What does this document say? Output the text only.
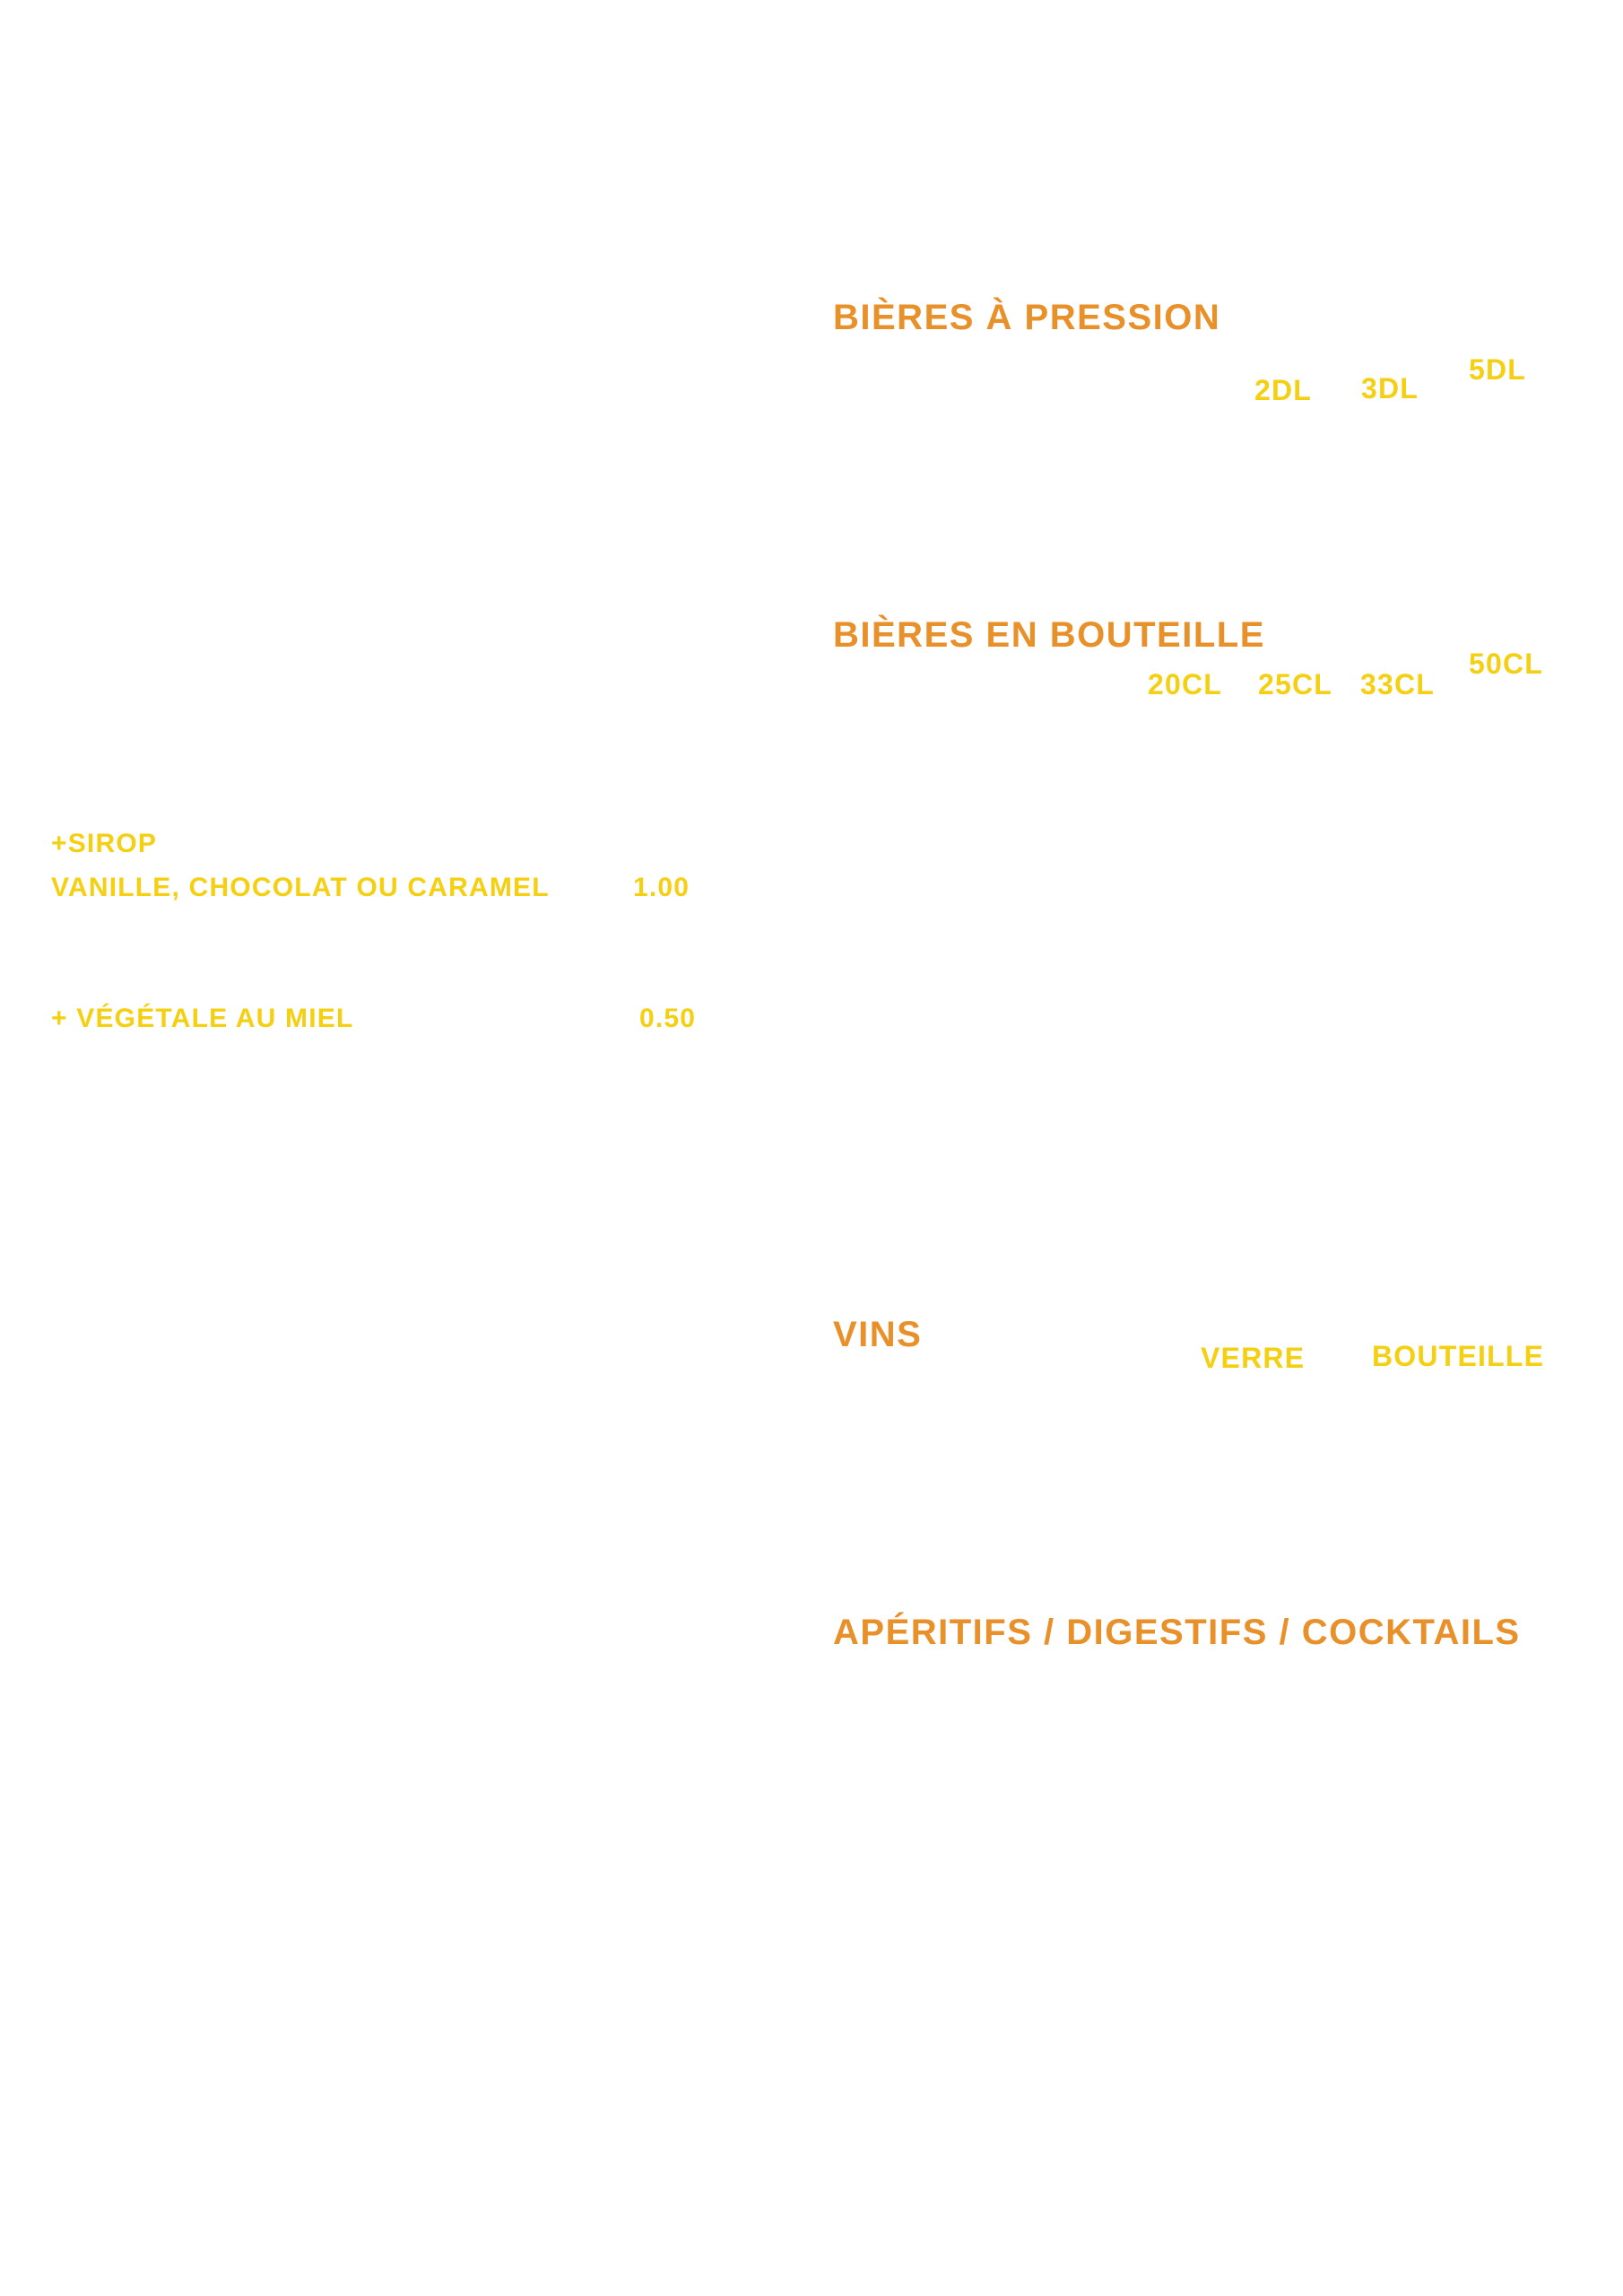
+SIROP
VANILLE, CHOCOLAT OU CARAMEL	1.00
+ VÉGÉTALE AU MIEL	0.50
BIÈRES À PRESSION
2DL 3DL
5DL
BIÈRES EN BOUTEILLE
20CL 25CL 33CL
50CL
VINS
VERRE BOUTEILLE
APÉRITIFS / DIGESTIFS / COCKTAILS
